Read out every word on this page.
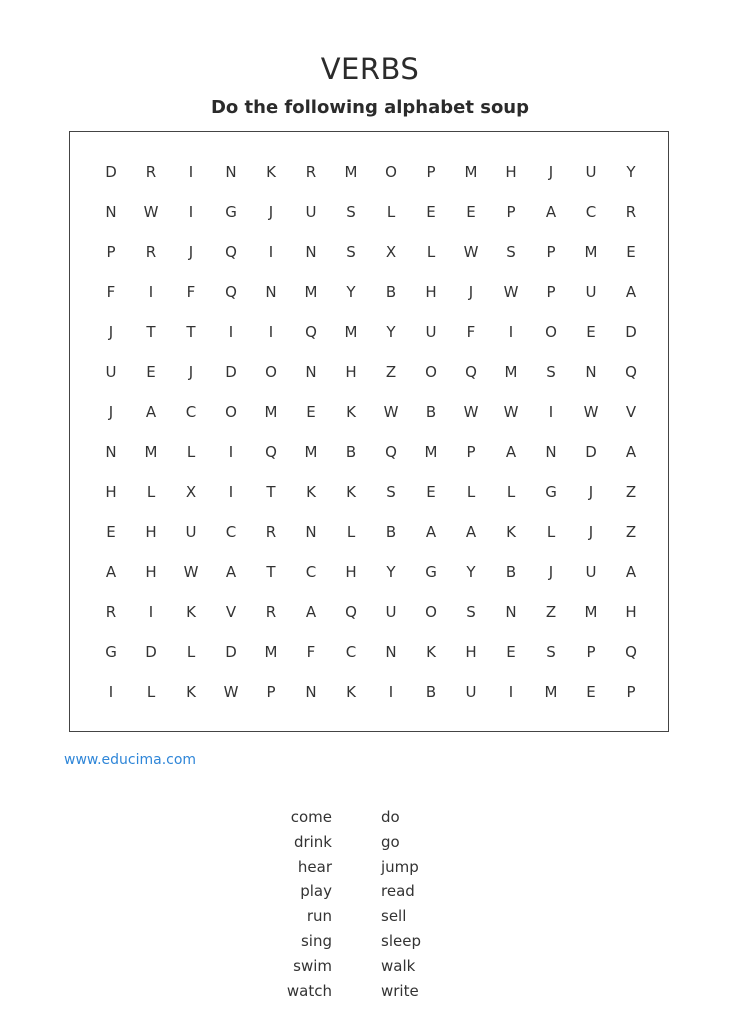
VERBS
Do the following alphabet soup
D	R	I	N	K	R	M	O	P	M	H	J	U	Y
N	W	I	G	J	U	S	L	E	E	P	A	C	R
P	R	J	Q	I	N	S	X	L	W	S	P	M	E
F	I	F	Q	N	M	Y	B	H	J	W	P	U	A
J	T	T	I	I	Q	M	Y	U	F	I	O	E	D
U	E	J	D	O	N	H	Z	O	Q	M	S	N	Q
J	A	C	O	M	E	K	W	B	W	W	I	W	V
N	M	L	I	Q	M	B	Q	M	P	A	N	D	A
H	L	X	I	T	K	K	S	E	L	L	G	J	Z
E	H	U	C	R	N	L	B	A	A	K	L	J	Z
A	H	W	A	T	C	H	Y	G	Y	B	J	U	A
R	I	K	V	R	A	Q	U	O	S	N	Z	M	H
G	D	L	D	M	F	C	N	K	H	E	S	P	Q
I	L	K	W	P	N	K	I	B	U	I	M	E	P
www.educima.com
come
drink
hear
play
run
sing
swim
watch
do
go
jump
read
sell
sleep
walk
write
